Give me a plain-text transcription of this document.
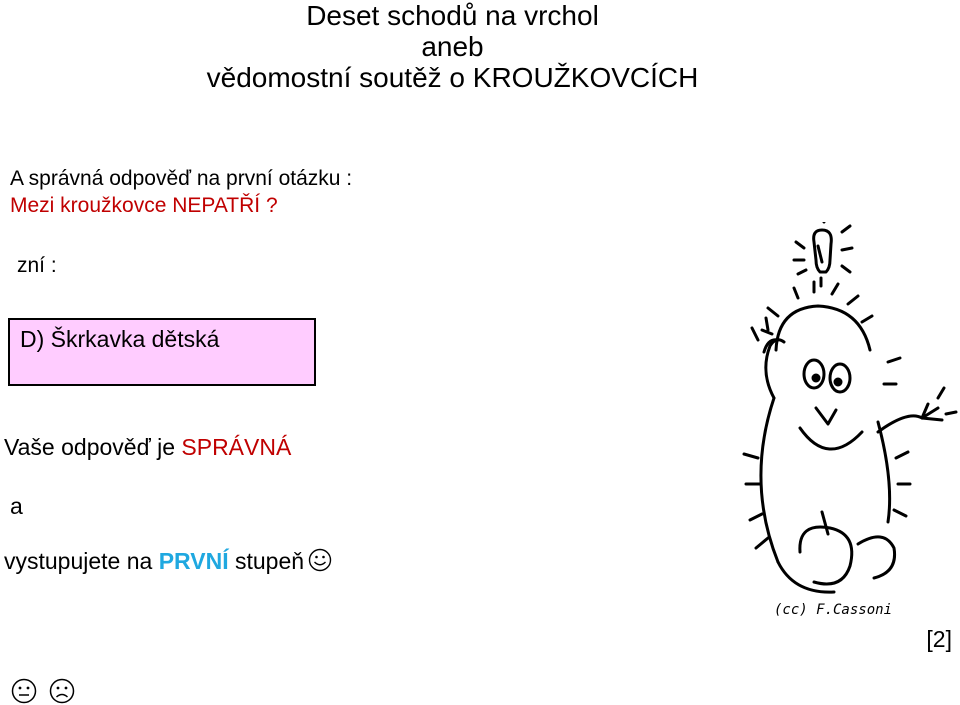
Deset schodů na vrchol
aneb
vědomostní soutěž o KROUŽKOVCÍCH
A správná odpověď na první otázku :
Mezi kroužkovce NEPATŘÍ ?
zní :
D) Škrkavka dětská
Vaše odpověď je SPRÁVNÁ
a
vystupujete na PRVNÍ stupeň
[2]
(cc) F.Cassoni
